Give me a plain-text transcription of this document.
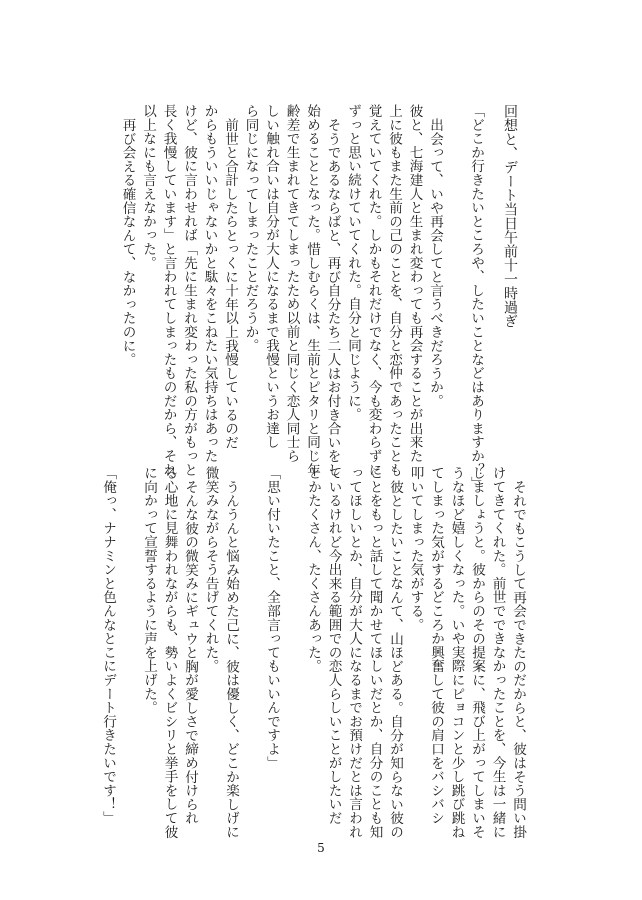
回想と、デート当日午前十一時過ぎ
「どこか行きたいところや、したいことなどはありますか？」
出会って、いや再会してと言うべきだろうか。
彼と、七海建人と生まれ変わっても再会することが出来た
上に彼もまた生前の己のことを、自分と恋仲であったことも
覚えていてくれた。しかもそれだけでなく、今も変わらずに
ずっと思い続けていてくれた。自分と同じように。
そうであるならばと、再び自分たち二人はお付き合いをし
始めることとなった。惜しむらくは、生前とピタリと同じ年
齢差で生まれてきてしまったため以前と同じく恋人同士ら
しい触れ合いは自分が大人になるまで我慢というお達し
ら同じになってしまったことだろうか。
前世と合計したらとっくに十年以上我慢しているのだ
からもういいじゃないかと駄々をこねたい気持ちはあった
けど、彼に言わせれば「先に生まれ変わった私の方がもっと
長く我慢しています」と言われてしまったものだから、それ
以上なにも言えなかった。
再び会える確信なんて、なかったのに。
それでもこうして再会できたのだからと、彼はそう問い掛
けてきてくれた。前世でできなかったことを、今生は一緒に
しましょうと。彼からのその提案に、飛び上がってしまいそ
うなほど嬉しくなった。いや実際にピョコンと少し跳び跳ね
てしまった気がするどころか興奮して彼の肩口をバシバシ
叩いてしまった気がする。
彼としたいことなんて、山ほどある。自分が知らない彼の
ことをもっと話して聞かせてほしいだとか、自分のことも知
ってほしいとか、自分が大人になるまでお預けだとは言われ
ているけれど今出来る範囲での恋人らしいことがしたいだ
とかたくさん、たくさんあった。
「思い付いたこと、全部言ってもいいんですよ」
うんうんと悩み始めた己に、彼は優しく、どこか楽しげに
微笑みながらそう告げてくれた。
そんな彼の微笑みにギュウと胸が愛しさで締め付けられ
る心地に見舞われながらも、勢いよくビシリと挙手をして彼
に向かって宣誓するように声を上げた。
「俺っ、ナナミンと色んなとこにデート行きたいです！」
5
